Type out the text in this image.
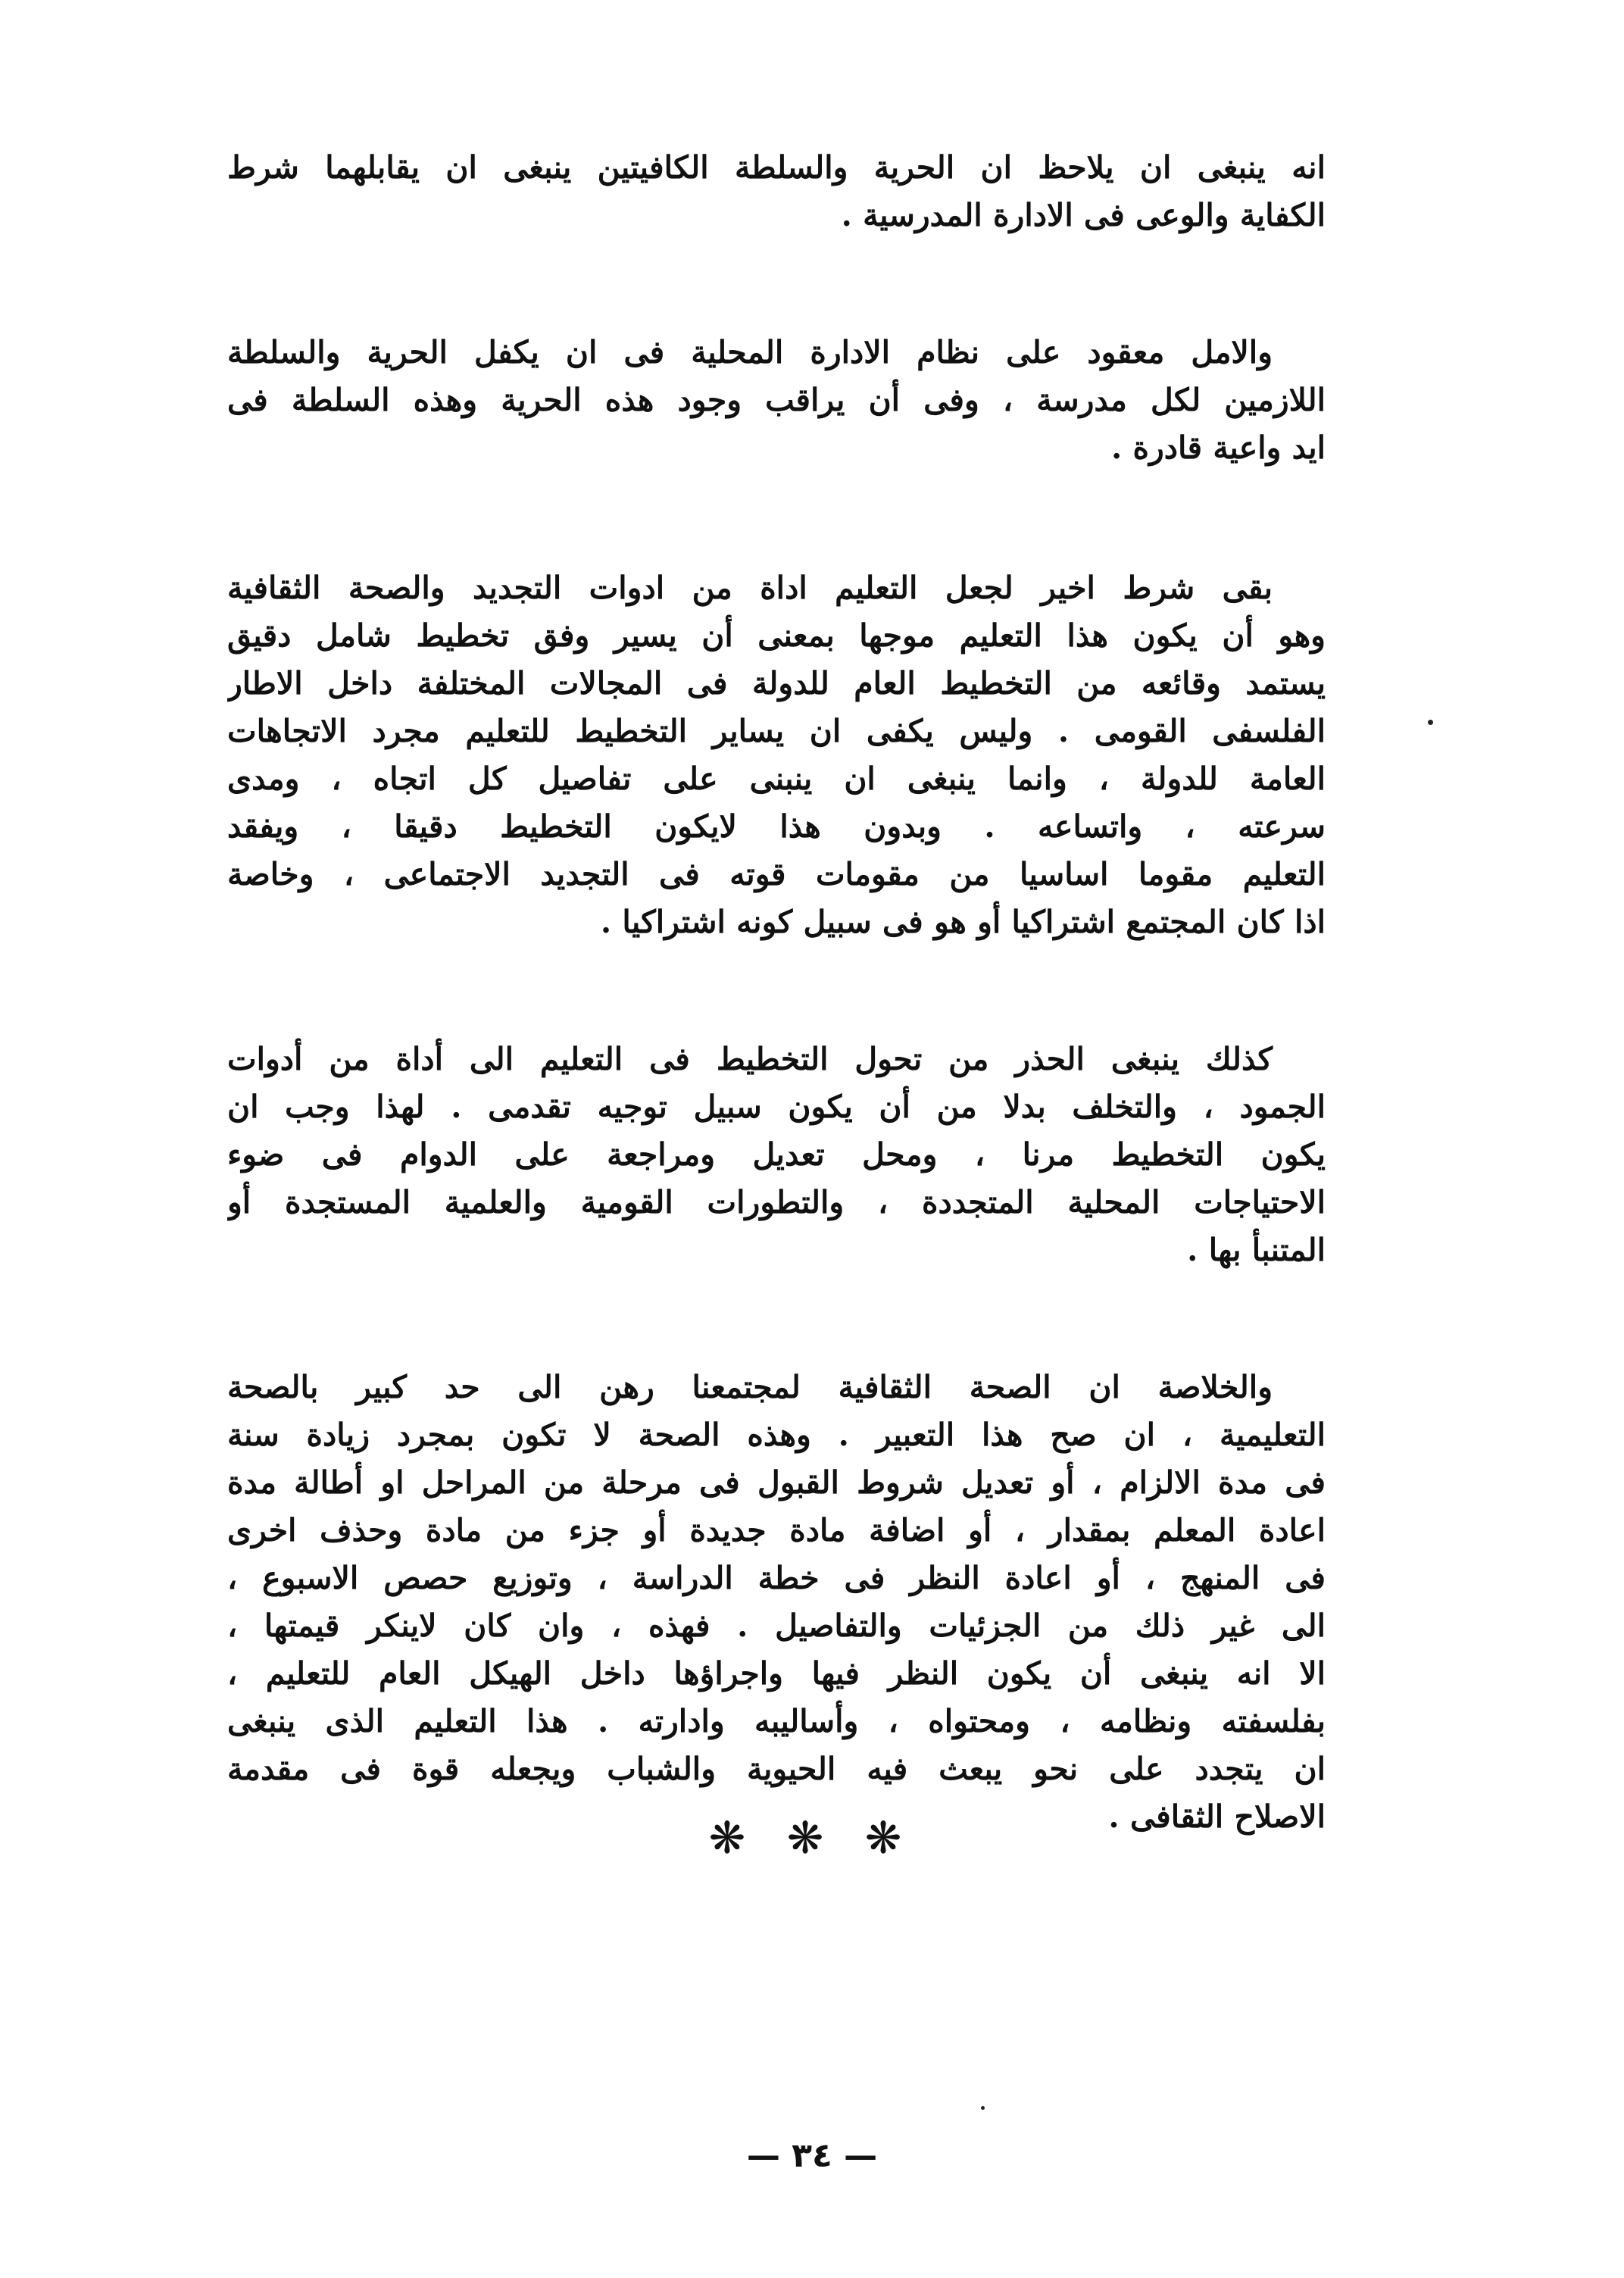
انه ينبغى ان يلاحظ ان الحرية والسلطة الكافيتين ينبغى ان يقابلهما شرط
الكفاية والوعى فى الادارة المدرسية .
والامل معقود على نظام الادارة المحلية فى ان يكفل الحرية والسلطة
اللازمين لكل مدرسة ، وفى أن يراقب وجود هذه الحرية وهذه السلطة فى
ايد واعية قادرة .
بقى شرط اخير لجعل التعليم اداة من ادوات التجديد والصحة الثقافية
وهو أن يكون هذا التعليم موجها بمعنى أن يسير وفق تخطيط شامل دقيق
يستمد وقائعه من التخطيط العام للدولة فى المجالات المختلفة داخل الاطار
الفلسفى القومى . وليس يكفى ان يساير التخطيط للتعليم مجرد الاتجاهات
العامة للدولة ، وانما ينبغى ان ينبنى على تفاصيل كل اتجاه ، ومدى
سرعته ، واتساعه . وبدون هذا لايكون التخطيط دقيقا ، ويفقد
التعليم مقوما اساسيا من مقومات قوته فى التجديد الاجتماعى ، وخاصة
اذا كان المجتمع اشتراكيا أو هو فى سبيل كونه اشتراكيا .
كذلك ينبغى الحذر من تحول التخطيط فى التعليم الى أداة من أدوات
الجمود ، والتخلف بدلا من أن يكون سبيل توجيه تقدمى . لهذا وجب ان
يكون التخطيط مرنا ، ومحل تعديل ومراجعة على الدوام فى ضوء
الاحتياجات المحلية المتجددة ، والتطورات القومية والعلمية المستجدة أو
المتنبأ بها .
والخلاصة ان الصحة الثقافية لمجتمعنا رهن الى حد كبير بالصحة
التعليمية ، ان صح هذا التعبير . وهذه الصحة لا تكون بمجرد زيادة سنة
فى مدة الالزام ، أو تعديل شروط القبول فى مرحلة من المراحل او أطالة مدة
اعادة المعلم بمقدار ، أو اضافة مادة جديدة أو جزء من مادة وحذف اخرى
فى المنهج ، أو اعادة النظر فى خطة الدراسة ، وتوزيع حصص الاسبوع ،
الى غير ذلك من الجزئيات والتفاصيل . فهذه ، وان كان لاينكر قيمتها ،
الا انه ينبغى أن يكون النظر فيها واجراؤها داخل الهيكل العام للتعليم ،
بفلسفته ونظامه ، ومحتواه ، وأساليبه وادارته . هذا التعليم الذى ينبغى
ان يتجدد على نحو يبعث فيه الحيوية والشباب ويجعله قوة فى مقدمة
الاصلاح الثقافى .
❋ ❋ ❋
— ٣٤ —
